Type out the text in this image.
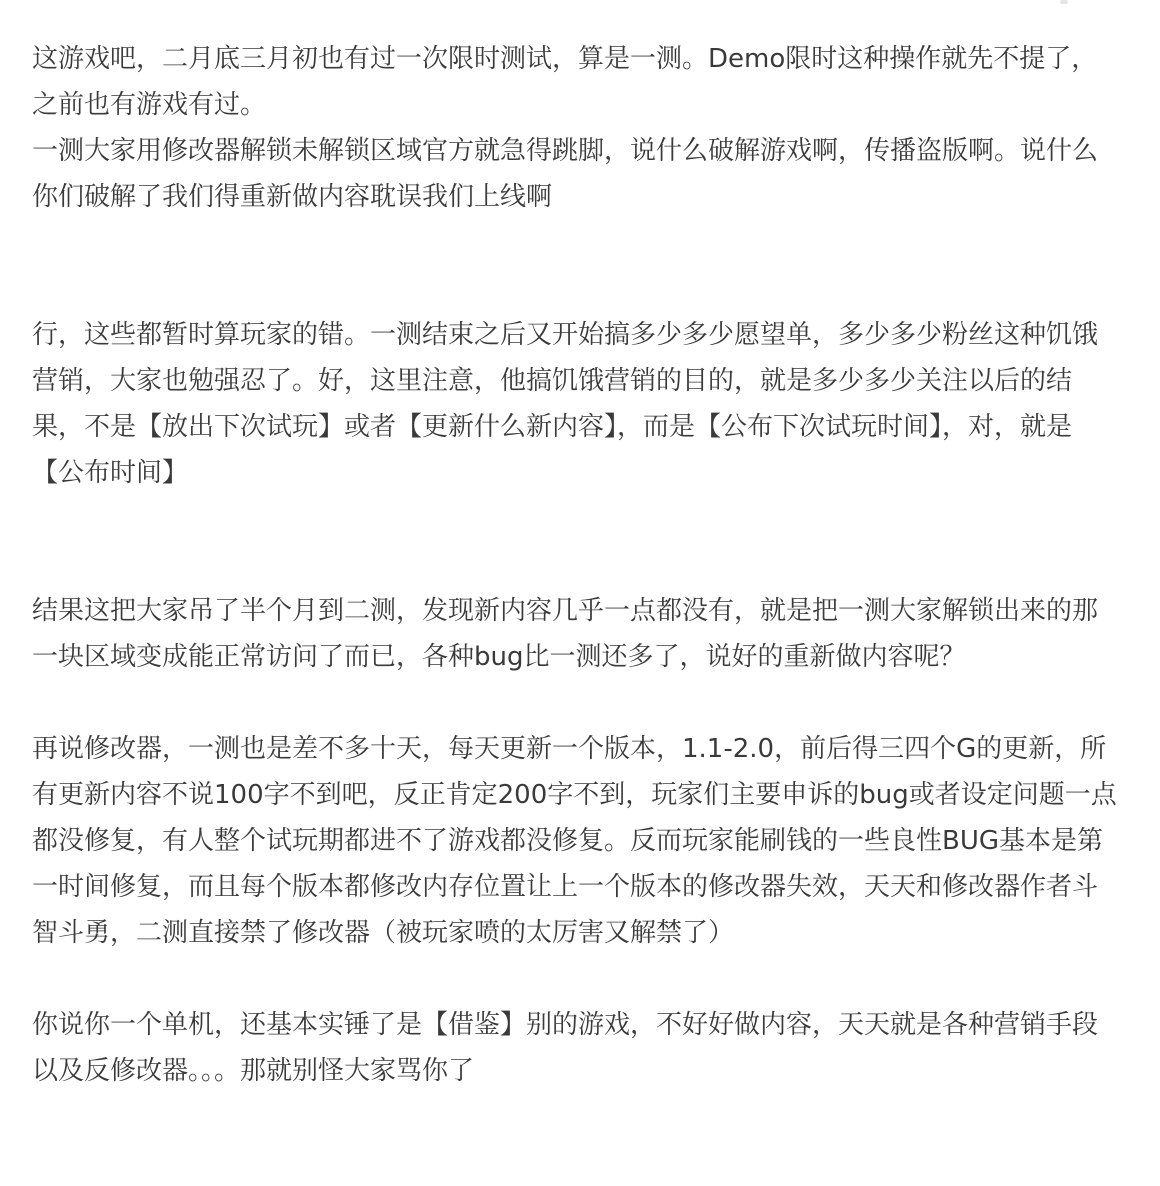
这游戏吧，二月底三月初也有过一次限时测试，算是一测。Demo限时这种操作就先不提了，之前也有游戏有过。

一测大家用修改器解锁未解锁区域官方就急得跳脚，说什么破解游戏啊，传播盗版啊。说什么你们破解了我们得重新做内容耽误我们上线啊

行，这些都暂时算玩家的错。一测结束之后又开始搞多少多少愿望单，多少多少粉丝这种饥饿营销，大家也勉强忍了。好，这里注意，他搞饥饿营销的目的，就是多少多少关注以后的结果，不是【放出下次试玩】或者【更新什么新内容】，而是【公布下次试玩时间】，对，就是【公布时间】

结果这把大家吊了半个月到二测，发现新内容几乎一点都没有，就是把一测大家解锁出来的那一块区域变成能正常访问了而已，各种bug比一测还多了，说好的重新做内容呢？

再说修改器，一测也是差不多十天，每天更新一个版本，1.1-2.0，前后得三四个G的更新，所有更新内容不说100字不到吧，反正肯定200字不到，玩家们主要申诉的bug或者设定问题一点都没修复，有人整个试玩期都进不了游戏都没修复。反而玩家能刷钱的一些良性BUG基本是第一时间修复，而且每个版本都修改内存位置让上一个版本的修改器失效，天天和修改器作者斗智斗勇，二测直接禁了修改器（被玩家喷的太厉害又解禁了）

你说你一个单机，还基本实锤了是【借鉴】别的游戏，不好好做内容，天天就是各种营销手段以及反修改器。。。那就别怪大家骂你了
